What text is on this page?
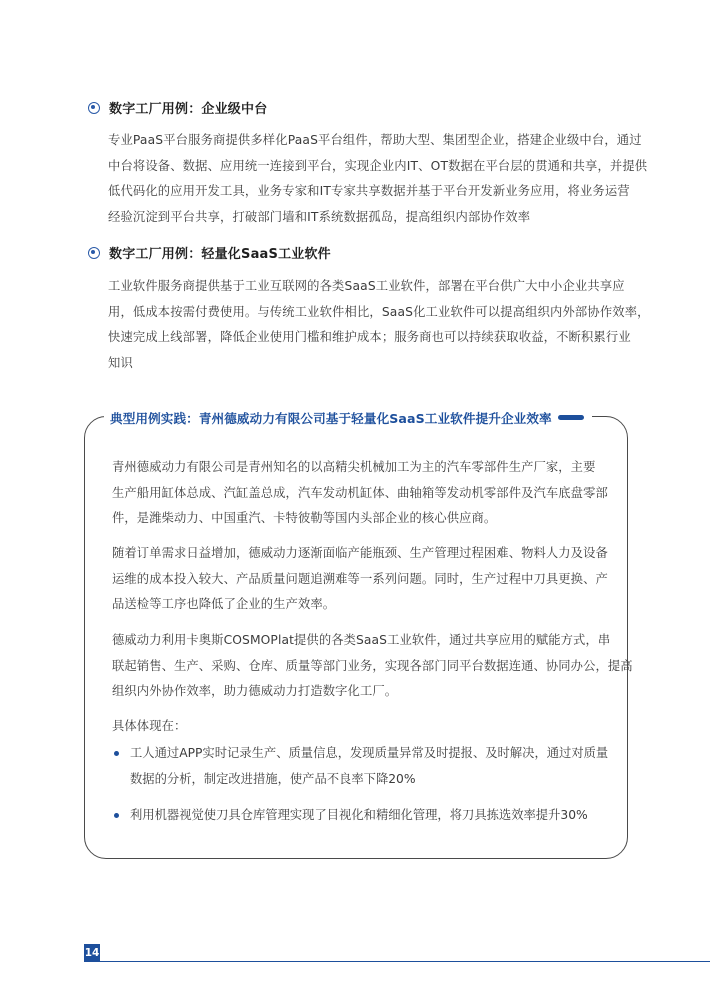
数字工厂用例：企业级中台
专业PaaS平台服务商提供多样化PaaS平台组件，帮助大型、集团型企业，搭建企业级中台，通过
中台将设备、数据、应用统一连接到平台，实现企业内IT、OT数据在平台层的贯通和共享，并提供
低代码化的应用开发工具，业务专家和IT专家共享数据并基于平台开发新业务应用，将业务运营
经验沉淀到平台共享，打破部门墙和IT系统数据孤岛，提高组织内部协作效率
数字工厂用例：轻量化SaaS工业软件
工业软件服务商提供基于工业互联网的各类SaaS工业软件，部署在平台供广大中小企业共享应
用，低成本按需付费使用。与传统工业软件相比，SaaS化工业软件可以提高组织内外部协作效率，
快速完成上线部署，降低企业使用门槛和维护成本；服务商也可以持续获取收益，不断积累行业
知识
典型用例实践：青州德威动力有限公司基于轻量化SaaS工业软件提升企业效率
青州德威动力有限公司是青州知名的以高精尖机械加工为主的汽车零部件生产厂家，主要
生产船用缸体总成、汽缸盖总成，汽车发动机缸体、曲轴箱等发动机零部件及汽车底盘零部
件，是潍柴动力、中国重汽、卡特彼勒等国内头部企业的核心供应商。
随着订单需求日益增加，德威动力逐渐面临产能瓶颈、生产管理过程困难、物料人力及设备
运维的成本投入较大、产品质量问题追溯难等一系列问题。同时，生产过程中刀具更换、产
品送检等工序也降低了企业的生产效率。
德威动力利用卡奥斯COSMOPlat提供的各类SaaS工业软件，通过共享应用的赋能方式，串
联起销售、生产、采购、仓库、质量等部门业务，实现各部门同平台数据连通、协同办公，提高
组织内外协作效率，助力德威动力打造数字化工厂。
具体体现在：
工人通过APP实时记录生产、质量信息，发现质量异常及时提报、及时解决，通过对质量
数据的分析，制定改进措施，使产品不良率下降20%
利用机器视觉使刀具仓库管理实现了目视化和精细化管理，将刀具拣选效率提升30%
14
